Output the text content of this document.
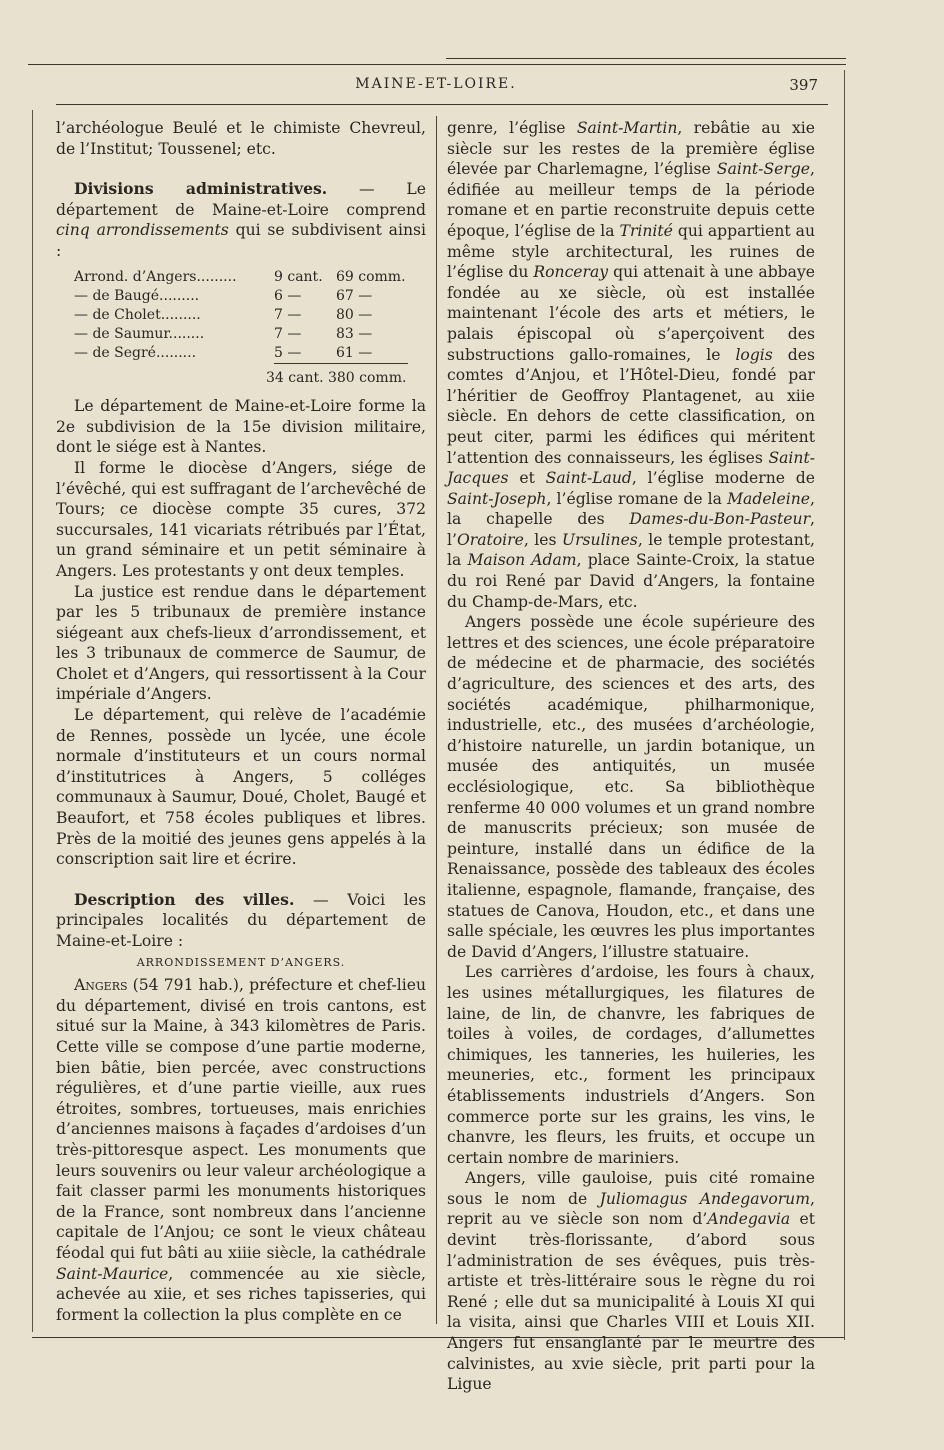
MAINE-ET-LOIRE.	397

l’archéologue Beulé et le chimiste Chevreul, de l’Institut; Toussenel; etc.

Divisions administratives. — Le département de Maine-et-Loire comprend cinq arrondissements qui se subdivisent ainsi :

Arrond. d’Angers.........	9 cant.	69 comm.
— de Baugé.........	6 —	67 —
— de Cholet.........	7 —	80 —
— de Saumur........	7 —	83 —
— de Segré.........	5 —	61 —

34 cant. 380 comm.

Le département de Maine-et-Loire forme la 2e subdivision de la 15e division militaire, dont le siége est à Nantes.

Il forme le diocèse d’Angers, siége de l’évêché, qui est suffragant de l’archevêché de Tours; ce diocèse compte 35 cures, 372 succursales, 141 vicariats rétribués par l’État, un grand séminaire et un petit séminaire à Angers. Les protestants y ont deux temples.

La justice est rendue dans le département par les 5 tribunaux de première instance siégeant aux chefs-lieux d’arrondissement, et les 3 tribunaux de commerce de Saumur, de Cholet et d’Angers, qui ressortissent à la Cour impériale d’Angers.

Le département, qui relève de l’académie de Rennes, possède un lycée, une école normale d’instituteurs et un cours normal d’institutrices à Angers, 5 colléges communaux à Saumur, Doué, Cholet, Baugé et Beaufort, et 758 écoles publiques et libres. Près de la moitié des jeunes gens appelés à la conscription sait lire et écrire.

Description des villes. — Voici les principales localités du département de Maine-et-Loire :

ARRONDISSEMENT D’ANGERS.

Angers (54 791 hab.), préfecture et chef-lieu du département, divisé en trois cantons, est situé sur la Maine, à 343 kilomètres de Paris. Cette ville se compose d’une partie moderne, bien bâtie, bien percée, avec constructions régulières, et d’une partie vieille, aux rues étroites, sombres, tortueuses, mais enrichies d’anciennes maisons à façades d’ardoises d’un très-pittoresque aspect. Les monuments que leurs souvenirs ou leur valeur archéologique a fait classer parmi les monuments historiques de la France, sont nombreux dans l’ancienne capitale de l’Anjou; ce sont le vieux château féodal qui fut bâti au xiiie siècle, la cathédrale Saint-Maurice, commencée au xie siècle, achevée au xiie, et ses riches tapisseries, qui forment la collection la plus complète en ce

genre, l’église Saint-Martin, rebâtie au xie siècle sur les restes de la première église élevée par Charlemagne, l’église Saint-Serge, édifiée au meilleur temps de la période romane et en partie reconstruite depuis cette époque, l’église de la Trinité qui appartient au même style architectural, les ruines de l’église du Ronceray qui attenait à une abbaye fondée au xe siècle, où est installée maintenant l’école des arts et métiers, le palais épiscopal où s’aperçoivent des substructions gallo-romaines, le logis des comtes d’Anjou, et l’Hôtel-Dieu, fondé par l’héritier de Geoffroy Plantagenet, au xiie siècle. En dehors de cette classification, on peut citer, parmi les édifices qui méritent l’attention des connaisseurs, les églises Saint-Jacques et Saint-Laud, l’église moderne de Saint-Joseph, l’église romane de la Madeleine, la chapelle des Dames-du-Bon-Pasteur, l’Oratoire, les Ursulines, le temple protestant, la Maison Adam, place Sainte-Croix, la statue du roi René par David d’Angers, la fontaine du Champ-de-Mars, etc.

Angers possède une école supérieure des lettres et des sciences, une école préparatoire de médecine et de pharmacie, des sociétés d’agriculture, des sciences et des arts, des sociétés académique, philharmonique, industrielle, etc., des musées d’archéologie, d’histoire naturelle, un jardin botanique, un musée des antiquités, un musée ecclésiologique, etc. Sa bibliothèque renferme 40 000 volumes et un grand nombre de manuscrits précieux; son musée de peinture, installé dans un édifice de la Renaissance, possède des tableaux des écoles italienne, espagnole, flamande, française, des statues de Canova, Houdon, etc., et dans une salle spéciale, les œuvres les plus importantes de David d’Angers, l’illustre statuaire.

Les carrières d’ardoise, les fours à chaux, les usines métallurgiques, les filatures de laine, de lin, de chanvre, les fabriques de toiles à voiles, de cordages, d’allumettes chimiques, les tanneries, les huileries, les meuneries, etc., forment les principaux établissements industriels d’Angers. Son commerce porte sur les grains, les vins, le chanvre, les fleurs, les fruits, et occupe un certain nombre de mariniers.

Angers, ville gauloise, puis cité romaine sous le nom de Juliomagus Andegavorum, reprit au ve siècle son nom d’Andegavia et devint très-florissante, d’abord sous l’administration de ses évêques, puis très-artiste et très-littéraire sous le règne du roi René ; elle dut sa municipalité à Louis XI qui la visita, ainsi que Charles VIII et Louis XII. Angers fut ensanglanté par le meurtre des calvinistes, au xvie siècle, prit parti pour la Ligue
